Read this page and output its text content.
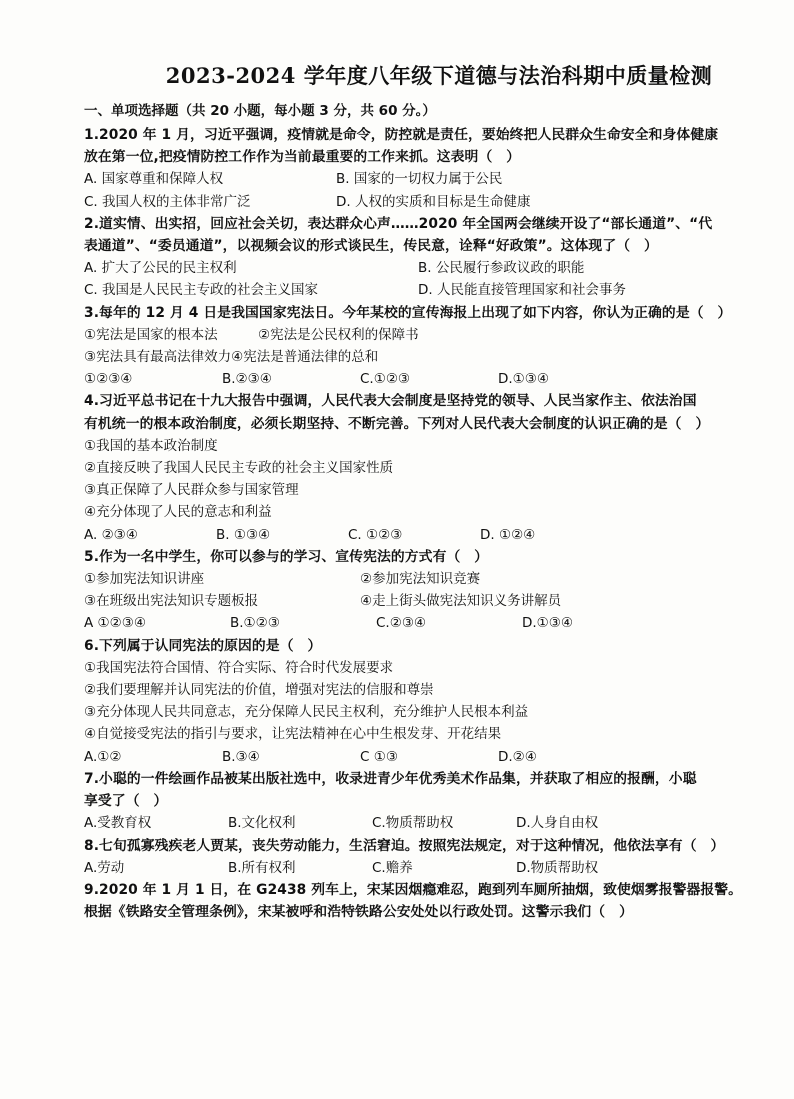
2023-2024 学年度八年级下道德与法治科期中质量检测
一、单项选择题（共 20 小题，每小题 3 分，共 60 分。）
1.2020 年 1 月，习近平强调，疫情就是命令，防控就是责任，要始终把人民群众生命安全和身体健康
放在第一位,把疫情防控工作作为当前最重要的工作来抓。这表明（　）
A. 国家尊重和保障人权	B. 国家的一切权力属于公民
C. 我国人权的主体非常广泛	D. 人权的实质和目标是生命健康
2.道实情、出实招，回应社会关切，表达群众心声……2020 年全国两会继续开设了“部长通道”、“代
表通道”、“委员通道”，以视频会议的形式谈民生，传民意，诠释“好政策”。这体现了（　）
A. 扩大了公民的民主权利	B. 公民履行参政议政的职能
C. 我国是人民民主专政的社会主义国家	D. 人民能直接管理国家和社会事务
3.每年的 12 月 4 日是我国国家宪法日。今年某校的宣传海报上出现了如下内容，你认为正确的是（　）
①宪法是国家的根本法	②宪法是公民权利的保障书
③宪法具有最高法律效力④宪法是普通法律的总和
①②③④	B.②③④	C.①②③	D.①③④
4.习近平总书记在十九大报告中强调，人民代表大会制度是坚持党的领导、人民当家作主、依法治国
有机统一的根本政治制度，必须长期坚持、不断完善。下列对人民代表大会制度的认识正确的是（　）
①我国的基本政治制度
②直接反映了我国人民民主专政的社会主义国家性质
③真正保障了人民群众参与国家管理
④充分体现了人民的意志和利益
A. ②③④	B. ①③④	C. ①②③	D. ①②④
5.作为一名中学生，你可以参与的学习、宣传宪法的方式有（　）
①参加宪法知识讲座	②参加宪法知识竞赛
③在班级出宪法知识专题板报	④走上街头做宪法知识义务讲解员
A ①②③④	B.①②③	C.②③④	D.①③④
6.下列属于认同宪法的原因的是（　）
①我国宪法符合国情、符合实际、符合时代发展要求
②我们要理解并认同宪法的价值，增强对宪法的信服和尊崇
③充分体现人民共同意志，充分保障人民民主权利，充分维护人民根本利益
④自觉接受宪法的指引与要求，让宪法精神在心中生根发芽、开花结果
A.①②	B.③④	C ①③	D.②④
7.小聪的一件绘画作品被某出版社选中，收录进青少年优秀美术作品集，并获取了相应的报酬，小聪
享受了（　）
A.受教育权	B.文化权利	C.物质帮助权	D.人身自由权
8.七旬孤寡残疾老人贾某，丧失劳动能力，生活窘迫。按照宪法规定，对于这种情况，他依法享有（　）
A.劳动	B.所有权利	C.赡养	D.物质帮助权
9.2020 年 1 月 1 日，在 G2438 列车上，宋某因烟瘾难忍，跑到列车厕所抽烟，致使烟雾报警器报警。
根据《铁路安全管理条例》，宋某被呼和浩特铁路公安处处以行政处罚。这警示我们（　）
